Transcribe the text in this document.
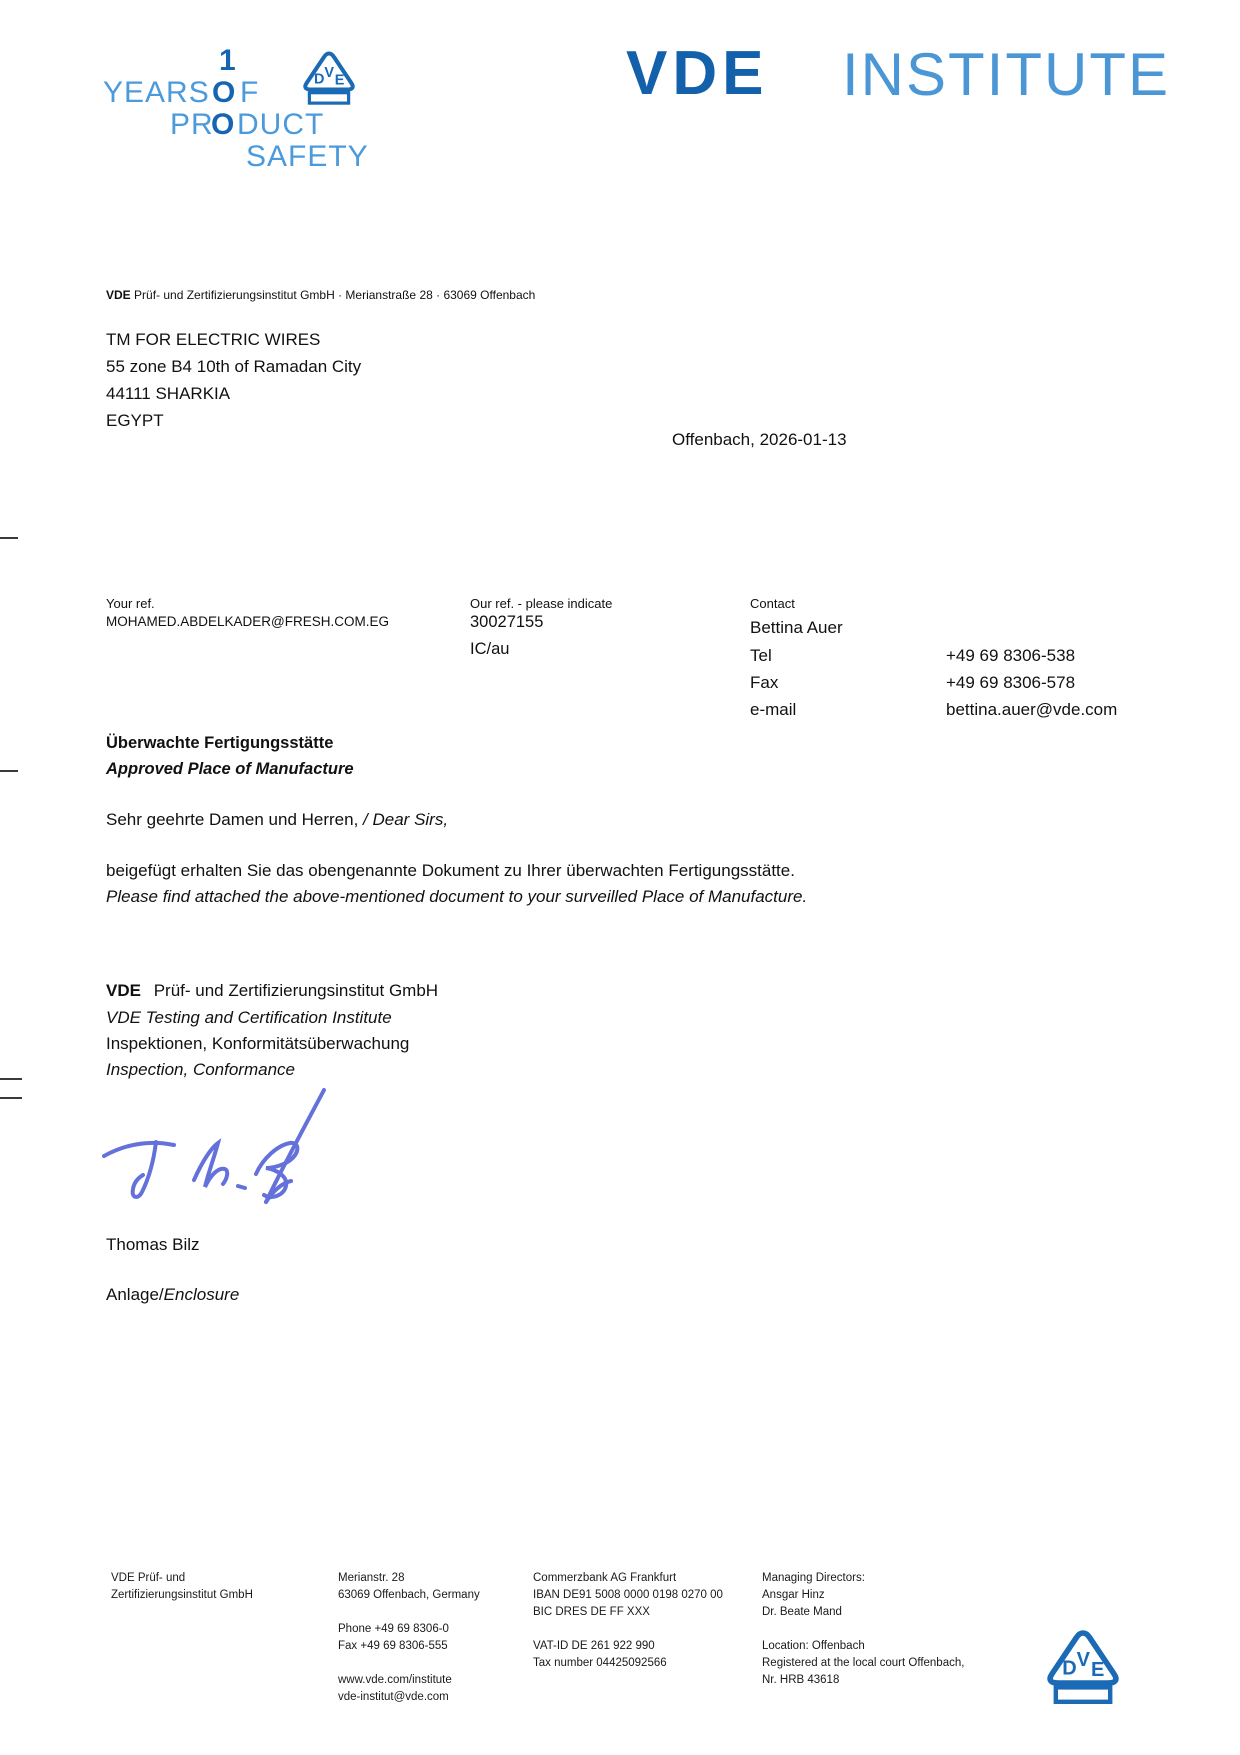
1
YEARS O F
PR
O DUCT
SAFETY
D V E	VDE INSTITUTE
VDE Prüf- und Zertifizierungsinstitut GmbH · Merianstraße 28 · 63069 Offenbach
TM FOR ELECTRIC WIRES
55 zone B4 10th of Ramadan City
44111 SHARKIA
EGYPT
Offenbach, 2026-01-13
Your ref.
MOHAMED.ABDELKADER@FRESH.COM.EG
Our ref. - please indicate
30027155
IC/au
Contact
Bettina Auer
Tel	+49 69 8306-538
Fax	+49 69 8306-578
e-mail	bettina.auer@vde.com
Überwachte Fertigungsstätte
Approved Place of Manufacture
Sehr geehrte Damen und Herren, / Dear Sirs,
beigefügt erhalten Sie das obengenannte Dokument zu Ihrer überwachten Fertigungsstätte.
Please find attached the above-mentioned document to your surveilled Place of Manufacture.
VDE Prüf- und Zertifizierungsinstitut GmbH
VDE Testing and Certification Institute
Inspektionen, Konformitätsüberwachung
Inspection, Conformance
Thomas Bilz
Anlage/Enclosure
VDE Prüf- und
Zertifizierungsinstitut GmbH
Merianstr. 28
63069 Offenbach, Germany
Phone +49 69 8306-0
Fax +49 69 8306-555
www.vde.com/institute
vde-institut@vde.com
Commerzbank AG Frankfurt
IBAN DE91 5008 0000 0198 0270 00
BIC DRES DE FF XXX
VAT-ID DE 261 922 990
Tax number 04425092566
Managing Directors:
Ansgar Hinz
Dr. Beate Mand
Location: Offenbach
Registered at the local court Offenbach,
Nr. HRB 43618
D V E
